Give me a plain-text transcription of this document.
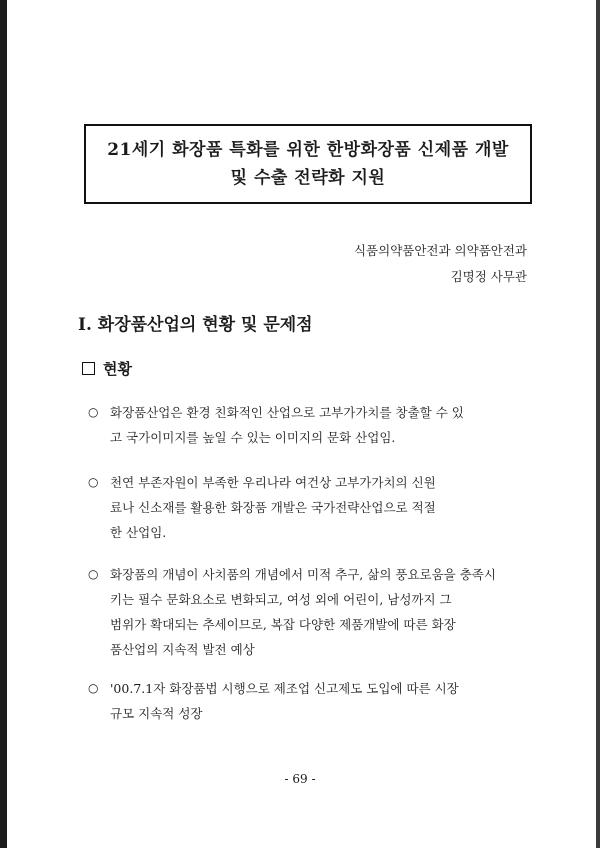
21세기 화장품 특화를 위한 한방화장품 신제품 개발
및 수출 전략화 지원
식품의약품안전과 의약품안전과
김명정 사무관
I. 화장품산업의 현황 및 문제점
현황
○ 화장품산업은 환경 친화적인 산업으로 고부가가치를 창출할 수 있
고 국가이미지를 높일 수 있는 이미지의 문화 산업임.
○ 천연 부존자원이 부족한 우리나라 여건상 고부가가치의 신원
료나 신소재를 활용한 화장품 개발은 국가전략산업으로 적절
한 산업임.
○ 화장품의 개념이 사치품의 개념에서 미적 추구, 삶의 풍요로움을 충족시
키는 필수 문화요소로 변화되고, 여성 외에 어린이, 남성까지 그
범위가 확대되는 추세이므로, 복잡 다양한 제품개발에 따른 화장
품산업의 지속적 발전 예상
○ '00.7.1자 화장품법 시행으로 제조업 신고제도 도입에 따른 시장
규모 지속적 성장
- 69 -
